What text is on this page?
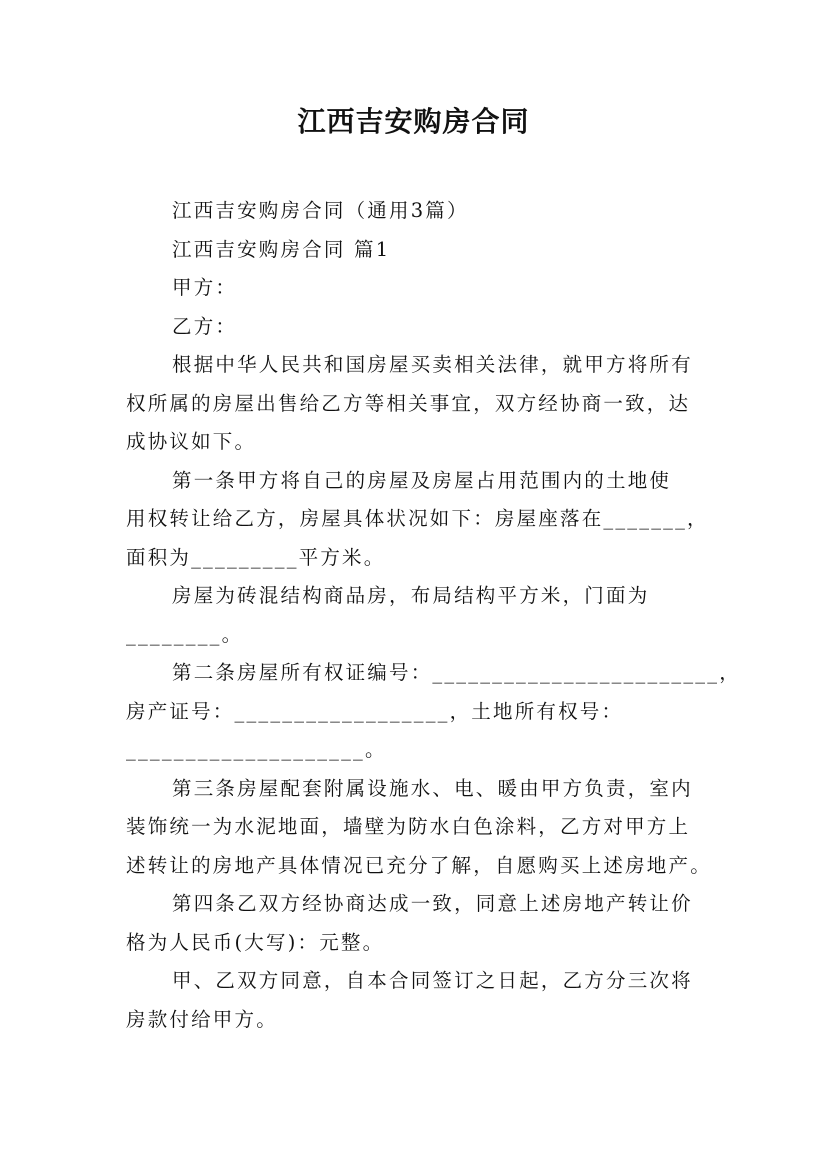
江西吉安购房合同

江西吉安购房合同（通用3篇）

江西吉安购房合同 篇1

甲方：

乙方：

根据中华人民共和国房屋买卖相关法律，就甲方将所有

权所属的房屋出售给乙方等相关事宜，双方经协商一致，达

成协议如下。

第一条甲方将自己的房屋及房屋占用范围内的土地使

用权转让给乙方，房屋具体状况如下：房屋座落在_______，

面积为_________平方米。

房屋为砖混结构商品房，布局结构平方米，门面为

________。

第二条房屋所有权证编号：________________________，

房产证号：__________________，土地所有权号：

____________________。

第三条房屋配套附属设施水、电、暖由甲方负责，室内

装饰统一为水泥地面，墙壁为防水白色涂料，乙方对甲方上

述转让的房地产具体情况已充分了解，自愿购买上述房地产。

第四条乙双方经协商达成一致，同意上述房地产转让价

格为人民币(大写)：元整。

甲、乙双方同意，自本合同签订之日起，乙方分三次将

房款付给甲方。
